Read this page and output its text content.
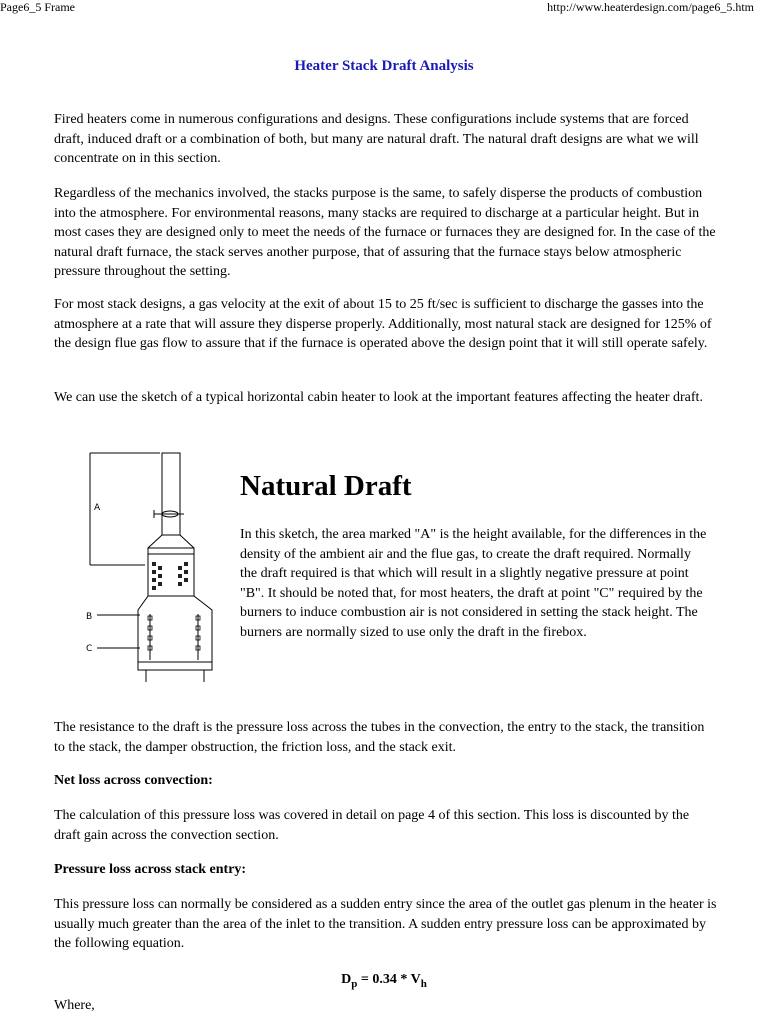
Page6_5 Frame	http://www.heaterdesign.com/page6_5.htm
Heater Stack Draft Analysis

Fired heaters come in numerous configurations and designs. These configurations include systems that are forced draft, induced draft or a combination of both, but many are natural draft. The natural draft designs are what we will concentrate on in this section.

Regardless of the mechanics involved, the stacks purpose is the same, to safely disperse the products of combustion into the atmosphere. For environmental reasons, many stacks are required to discharge at a particular height. But in most cases they are designed only to meet the needs of the furnace or furnaces they are designed for. In the case of the natural draft furnace, the stack serves another purpose, that of assuring that the furnace stays below atmospheric pressure throughout the setting.

For most stack designs, a gas velocity at the exit of about 15 to 25 ft/sec is sufficient to discharge the gasses into the atmosphere at a rate that will assure they disperse properly. Additionally, most natural stack are designed for 125% of the design flue gas flow to assure that if the furnace is operated above the design point that it will still operate safely.

We can use the sketch of a typical horizontal cabin heater to look at the important features affecting the heater draft.

A
B
C
Natural Draft

In this sketch, the area marked "A" is the height available, for the differences in the density of the ambient air and the flue gas, to create the draft required. Normally the draft required is that which will result in a slightly negative pressure at point "B". It should be noted that, for most heaters, the draft at point "C" required by the burners to induce combustion air is not considered in setting the stack height. The burners are normally sized to use only the draft in the firebox.

The resistance to the draft is the pressure loss across the tubes in the convection, the entry to the stack, the transition to the stack, the damper obstruction, the friction loss, and the stack exit.

Net loss across convection:

The calculation of this pressure loss was covered in detail on page 4 of this section. This loss is discounted by the draft gain across the convection section.

Pressure loss across stack entry:

This pressure loss can normally be considered as a sudden entry since the area of the outlet gas plenum in the heater is usually much greater than the area of the inlet to the transition. A sudden entry pressure loss can be approximated by the following equation.

$D_p = 0.34 * V_h$
Where,
